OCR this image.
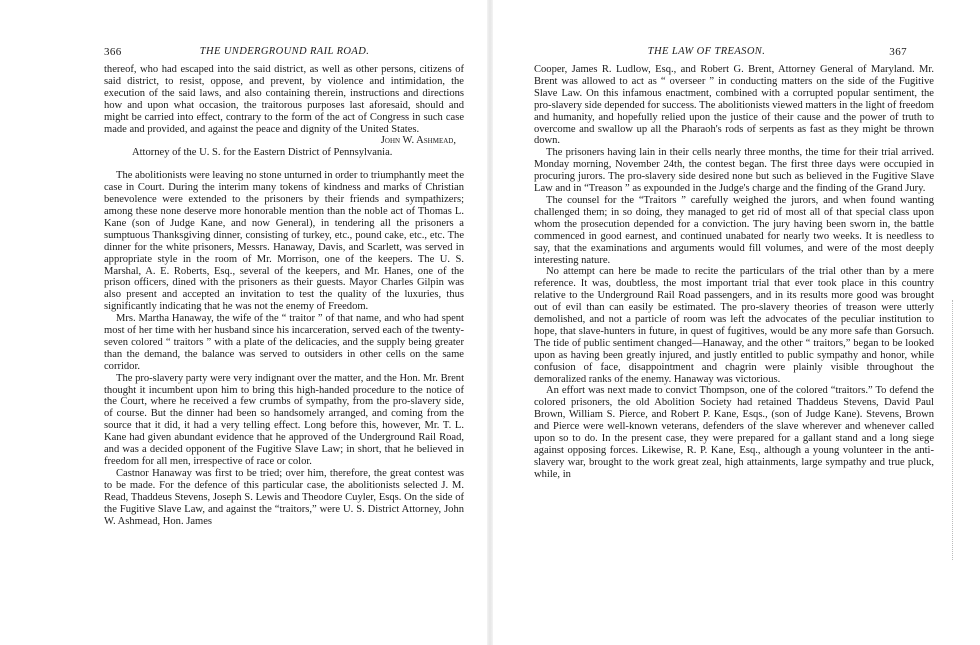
366	THE UNDERGROUND RAIL ROAD.

thereof, who had escaped into the said district, as well as other persons, citizens of said district, to resist, oppose, and prevent, by violence and intimidation, the execution of the said laws, and also containing therein, instructions and directions how and upon what occasion, the traitorous purposes last aforesaid, should and might be carried into effect, contrary to the form of the act of Congress in such case made and provided, and against the peace and dignity of the United States.

John W. Ashmead,

Attorney of the U. S. for the Eastern District of Pennsylvania.

The abolitionists were leaving no stone unturned in order to triumphantly meet the case in Court. During the interim many tokens of kindness and marks of Christian benevolence were extended to the prisoners by their friends and sympathizers; among these none deserve more honorable mention than the noble act of Thomas L. Kane (son of Judge Kane, and now General), in tendering all the prisoners a sumptuous Thanksgiving dinner, consisting of turkey, etc., pound cake, etc., etc. The dinner for the white prisoners, Messrs. Hanaway, Davis, and Scarlett, was served in appropriate style in the room of Mr. Morrison, one of the keepers. The U. S. Marshal, A. E. Roberts, Esq., several of the keepers, and Mr. Hanes, one of the prison officers, dined with the prisoners as their guests. Mayor Charles Gilpin was also present and accepted an invitation to test the quality of the luxuries, thus significantly indicating that he was not the enemy of Freedom.

Mrs. Martha Hanaway, the wife of the “ traitor ” of that name, and who had spent most of her time with her husband since his incarceration, served each of the twenty-seven colored “ traitors ” with a plate of the delicacies, and the supply being greater than the demand, the balance was served to outsiders in other cells on the same corridor.

The pro-slavery party were very indignant over the matter, and the Hon. Mr. Brent thought it incumbent upon him to bring this high-handed procedure to the notice of the Court, where he received a few crumbs of sympathy, from the pro-slavery side, of course. But the dinner had been so handsomely arranged, and coming from the source that it did, it had a very telling effect. Long before this, however, Mr. T. L. Kane had given abundant evidence that he approved of the Underground Rail Road, and was a decided opponent of the Fugitive Slave Law; in short, that he believed in freedom for all men, irrespective of race or color.

Castnor Hanaway was first to be tried; over him, therefore, the great contest was to be made. For the defence of this particular case, the abolitionists selected J. M. Read, Thaddeus Stevens, Joseph S. Lewis and Theodore Cuyler, Esqs. On the side of the Fugitive Slave Law, and against the “traitors,” were U. S. District Attorney, John W. Ashmead, Hon. James

THE LAW OF TREASON.	367

Cooper, James R. Ludlow, Esq., and Robert G. Brent, Attorney General of Maryland. Mr. Brent was allowed to act as “ overseer ” in conducting matters on the side of the Fugitive Slave Law. On this infamous enactment, combined with a corrupted popular sentiment, the pro-slavery side depended for success. The abolitionists viewed matters in the light of freedom and humanity, and hopefully relied upon the justice of their cause and the power of truth to overcome and swallow up all the Pharaoh's rods of serpents as fast as they might be thrown down.

The prisoners having lain in their cells nearly three months, the time for their trial arrived. Monday morning, November 24th, the contest began. The first three days were occupied in procuring jurors. The pro-slavery side desired none but such as believed in the Fugitive Slave Law and in “Treason ” as expounded in the Judge's charge and the finding of the Grand Jury.

The counsel for the “Traitors ” carefully weighed the jurors, and when found wanting challenged them; in so doing, they managed to get rid of most all of that special class upon whom the prosecution depended for a conviction. The jury having been sworn in, the battle commenced in good earnest, and continued unabated for nearly two weeks. It is needless to say, that the examinations and arguments would fill volumes, and were of the most deeply interesting nature.

No attempt can here be made to recite the particulars of the trial other than by a mere reference. It was, doubtless, the most important trial that ever took place in this country relative to the Underground Rail Road passengers, and in its results more good was brought out of evil than can easily be estimated. The pro-slavery theories of treason were utterly demolished, and not a particle of room was left the advocates of the peculiar institution to hope, that slave-hunters in future, in quest of fugitives, would be any more safe than Gorsuch. The tide of public sentiment changed—Hanaway, and the other “ traitors,” began to be looked upon as having been greatly injured, and justly entitled to public sympathy and honor, while confusion of face, disappointment and chagrin were plainly visible throughout the demoralized ranks of the enemy. Hanaway was victorious.

An effort was next made to convict Thompson, one of the colored “traitors.” To defend the colored prisoners, the old Abolition Society had retained Thaddeus Stevens, David Paul Brown, William S. Pierce, and Robert P. Kane, Esqs., (son of Judge Kane). Stevens, Brown and Pierce were well-known veterans, defenders of the slave wherever and whenever called upon so to do. In the present case, they were prepared for a gallant stand and a long siege against opposing forces. Likewise, R. P. Kane, Esq., although a young volunteer in the anti-slavery war, brought to the work great zeal, high attainments, large sympathy and true pluck, while, in
